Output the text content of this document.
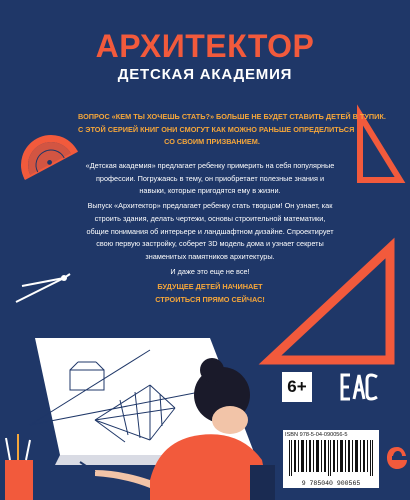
АРХИТЕКТОР
ДЕТСКАЯ АКАДЕМИЯ
ВОПРОС «КЕМ ТЫ ХОЧЕШЬ СТАТЬ?» БОЛЬШЕ НЕ БУДЕТ СТАВИТЬ ДЕТЕЙ В ТУПИК.
С ЭТОЙ СЕРИЕЙ КНИГ ОНИ СМОГУТ КАК МОЖНО РАНЬШЕ ОПРЕДЕЛИТЬСЯ
СО СВОИМ ПРИЗВАНИЕМ.
«Детская академия» предлагает ребенку примерить на себя популярные профессии. Погружаясь в тему, он приобретает полезные знания и навыки, которые пригодятся ему в жизни.
Выпуск «Архитектор» предлагает ребенку стать творцом! Он узнает, как строить здания, делать чертежи, основы строительной математики, общие понимания об интерьере и ландшафтном дизайне. Спроектирует свою первую застройку, соберет 3D модель дома и узнает секреты знаменитых памятников архитектуры.
И даже это еще не все!
БУДУЩЕЕ ДЕТЕЙ НАЧИНАЕТ
СТРОИТЬСЯ ПРЯМО СЕЙЧАС!
6+
ISBN 978-5-04-090056-5
9 785040 900565
